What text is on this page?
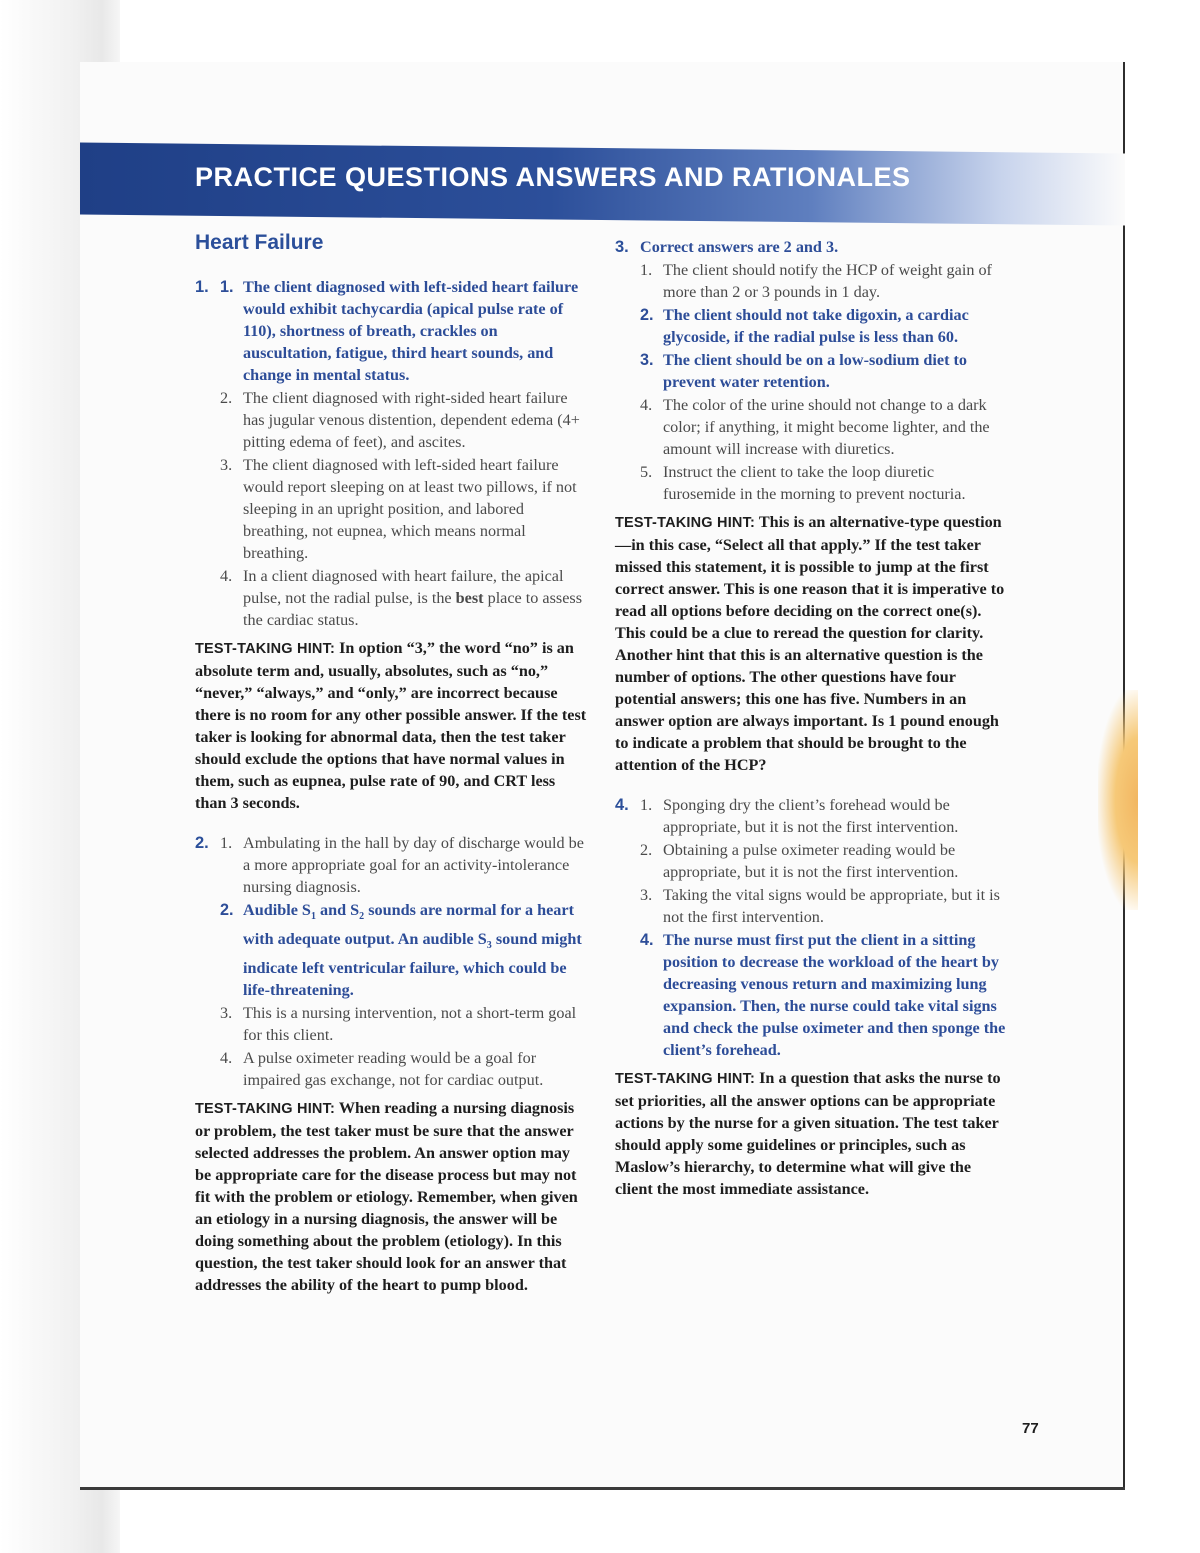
PRACTICE QUESTIONS ANSWERS AND RATIONALES
Heart Failure
1. 1. The client diagnosed with left-sided heart failure would exhibit tachycardia (apical pulse rate of 110), shortness of breath, crackles on auscultation, fatigue, third heart sounds, and change in mental status.
2. The client diagnosed with right-sided heart failure has jugular venous distention, dependent edema (4+ pitting edema of feet), and ascites.
3. The client diagnosed with left-sided heart failure would report sleeping on at least two pillows, if not sleeping in an upright position, and labored breathing, not eupnea, which means normal breathing.
4. In a client diagnosed with heart failure, the apical pulse, not the radial pulse, is the best place to assess the cardiac status.
TEST-TAKING HINT: In option “3,” the word “no” is an absolute term and, usually, absolutes, such as “no,” “never,” “always,” and “only,” are incorrect because there is no room for any other possible answer. If the test taker is looking for abnormal data, then the test taker should exclude the options that have normal values in them, such as eupnea, pulse rate of 90, and CRT less than 3 seconds.
2. 1. Ambulating in the hall by day of discharge would be a more appropriate goal for an activity-intolerance nursing diagnosis.
2. Audible $S_1$ and $S_2$ sounds are normal for a heart with adequate output. An audible $S_3$ sound might indicate left ventricular failure, which could be life-threatening.
3. This is a nursing intervention, not a short-term goal for this client.
4. A pulse oximeter reading would be a goal for impaired gas exchange, not for cardiac output.
TEST-TAKING HINT: When reading a nursing diagnosis or problem, the test taker must be sure that the answer selected addresses the problem. An answer option may be appropriate care for the disease process but may not fit with the problem or etiology. Remember, when given an etiology in a nursing diagnosis, the answer will be doing something about the problem (etiology). In this question, the test taker should look for an answer that addresses the ability of the heart to pump blood.
3. Correct answers are 2 and 3.
1. The client should notify the HCP of weight gain of more than 2 or 3 pounds in 1 day.
2. The client should not take digoxin, a cardiac glycoside, if the radial pulse is less than 60.
3. The client should be on a low-sodium diet to prevent water retention.
4. The color of the urine should not change to a dark color; if anything, it might become lighter, and the amount will increase with diuretics.
5. Instruct the client to take the loop diuretic furosemide in the morning to prevent nocturia.
TEST-TAKING HINT: This is an alternative-type question—in this case, “Select all that apply.” If the test taker missed this statement, it is possible to jump at the first correct answer. This is one reason that it is imperative to read all options before deciding on the correct one(s). This could be a clue to reread the question for clarity. Another hint that this is an alternative question is the number of options. The other questions have four potential answers; this one has five. Numbers in an answer option are always important. Is 1 pound enough to indicate a problem that should be brought to the attention of the HCP?
4. 1. Sponging dry the client’s forehead would be appropriate, but it is not the first intervention.
2. Obtaining a pulse oximeter reading would be appropriate, but it is not the first intervention.
3. Taking the vital signs would be appropriate, but it is not the first intervention.
4. The nurse must first put the client in a sitting position to decrease the workload of the heart by decreasing venous return and maximizing lung expansion. Then, the nurse could take vital signs and check the pulse oximeter and then sponge the client’s forehead.
TEST-TAKING HINT: In a question that asks the nurse to set priorities, all the answer options can be appropriate actions by the nurse for a given situation. The test taker should apply some guidelines or principles, such as Maslow’s hierarchy, to determine what will give the client the most immediate assistance.
77
